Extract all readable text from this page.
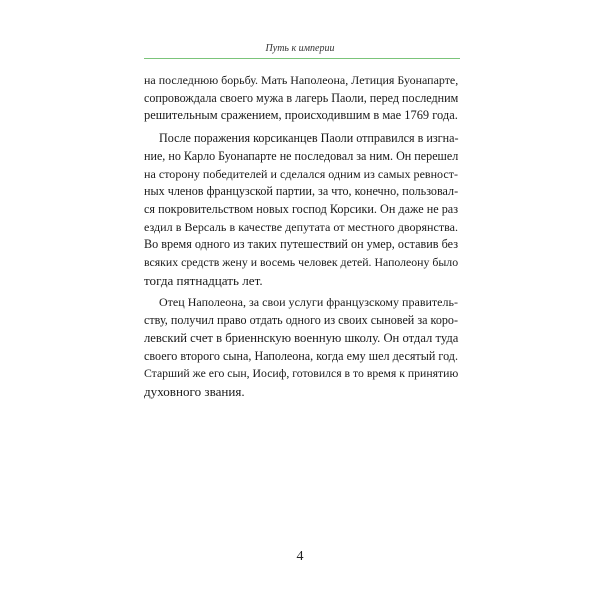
Путь к империи

на последнюю борьбу. Мать Наполеона, Летиция Буонапарте,
сопровождала своего мужа в лагерь Паоли, перед последним
решительным сражением, происходившим в мае 1769 года.

После поражения корсиканцев Паоли отправился в изгна-
ние, но Карло Буонапарте не последовал за ним. Он перешел
на сторону победителей и сделался одним из самых ревност-
ных членов французской партии, за что, конечно, пользовал-
ся покровительством новых господ Корсики. Он даже не раз
ездил в Версаль в качестве депутата от местного дворянства.
Во время одного из таких путешествий он умер, оставив без
всяких средств жену и восемь человек детей. Наполеону было
тогда пятнадцать лет.

Отец Наполеона, за свои услуги французскому правитель-
ству, получил право отдать одного из своих сыновей за коро-
левский счет в бриеннскую военную школу. Он отдал туда
своего второго сына, Наполеона, когда ему шел десятый год.
Старший же его сын, Иосиф, готовился в то время к принятию
духовного звания.

4
